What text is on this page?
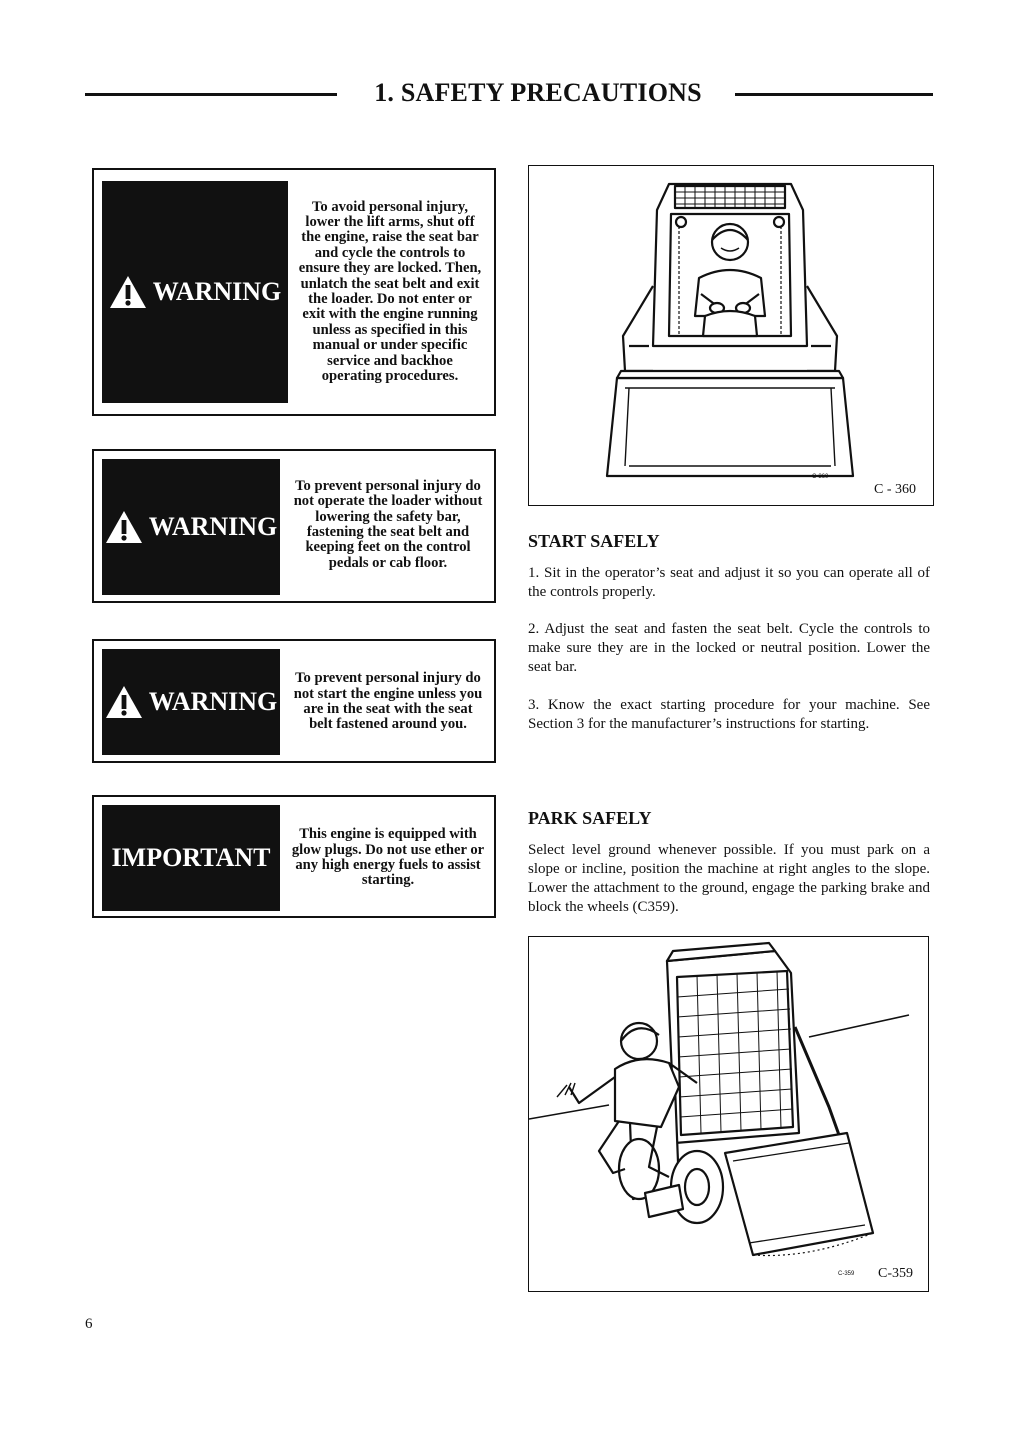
1. SAFETY PRECAUTIONS
WARNING
To avoid personal injury, lower the lift arms, shut off the engine, raise the seat bar and cycle the controls to ensure they are locked. Then, unlatch the seat belt and exit the loader. Do not enter or exit with the engine running unless as specified in this manual or under specific service and backhoe operating procedures.
WARNING
To prevent personal injury do not operate the loader without lowering the safety bar, fastening the seat belt and keeping feet on the control pedals or cab floor.
WARNING
To prevent personal injury do not start the engine unless you are in the seat with the seat belt fastened around you.
IMPORTANT
This engine is equipped with glow plugs. Do not use ether or any high energy fuels to assist starting.
C-360
C - 360
START SAFELY

1. Sit in the operator’s seat and adjust it so you can operate all of the controls properly.

2. Adjust the seat and fasten the seat belt. Cycle the controls to make sure they are in the locked or neutral position. Lower the seat bar.

3. Know the exact starting procedure for your machine. See Section 3 for the manufacturer’s instructions for starting.

PARK SAFELY

Select level ground whenever possible. If you must park on a slope or incline, position the machine at right angles to the slope. Lower the attachment to the ground, engage the parking brake and block the wheels (C359).

C-359 C-359
6
